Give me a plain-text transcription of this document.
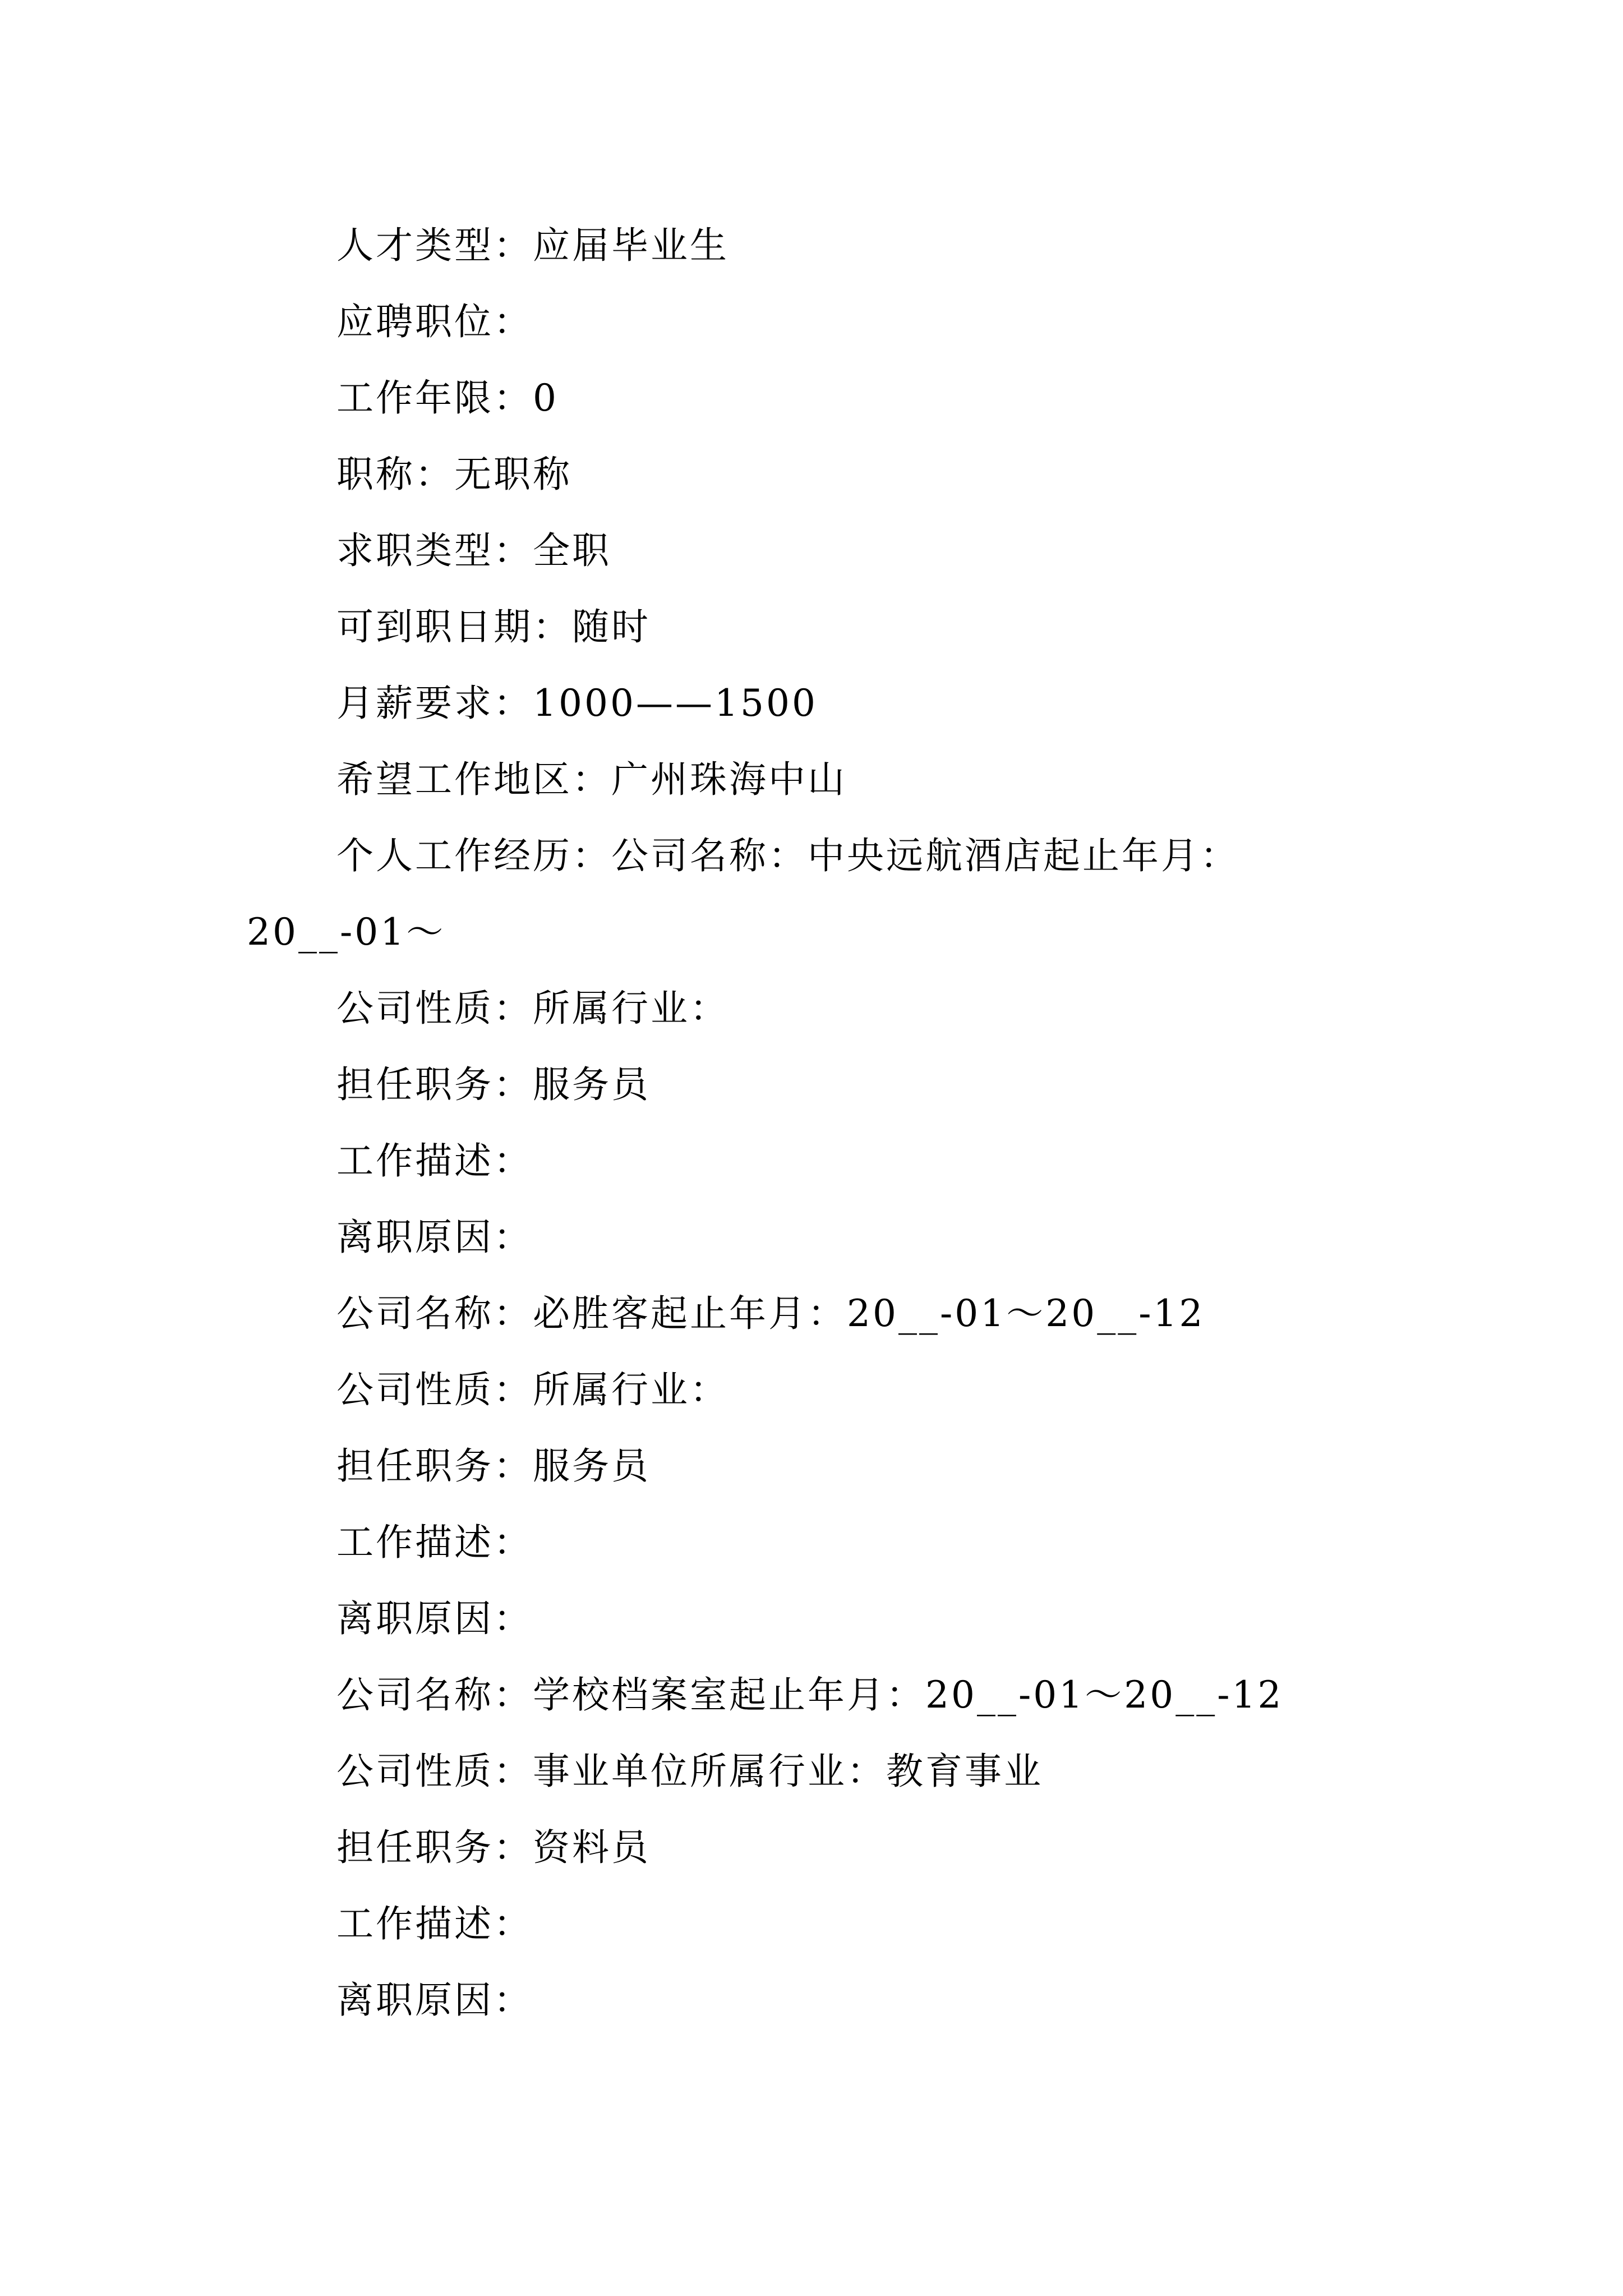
人才类型：应届毕业生
应聘职位：
工作年限：0
职称：无职称
求职类型：全职
可到职日期：随时
月薪要求：1000——1500
希望工作地区：广州珠海中山
个人工作经历：公司名称：中央远航酒店起止年月：
20__-01～
公司性质：所属行业：
担任职务：服务员
工作描述：
离职原因：
公司名称：必胜客起止年月：20__-01～20__-12
公司性质：所属行业：
担任职务：服务员
工作描述：
离职原因：
公司名称：学校档案室起止年月：20__-01～20__-12
公司性质：事业单位所属行业：教育事业
担任职务：资料员
工作描述：
离职原因：
